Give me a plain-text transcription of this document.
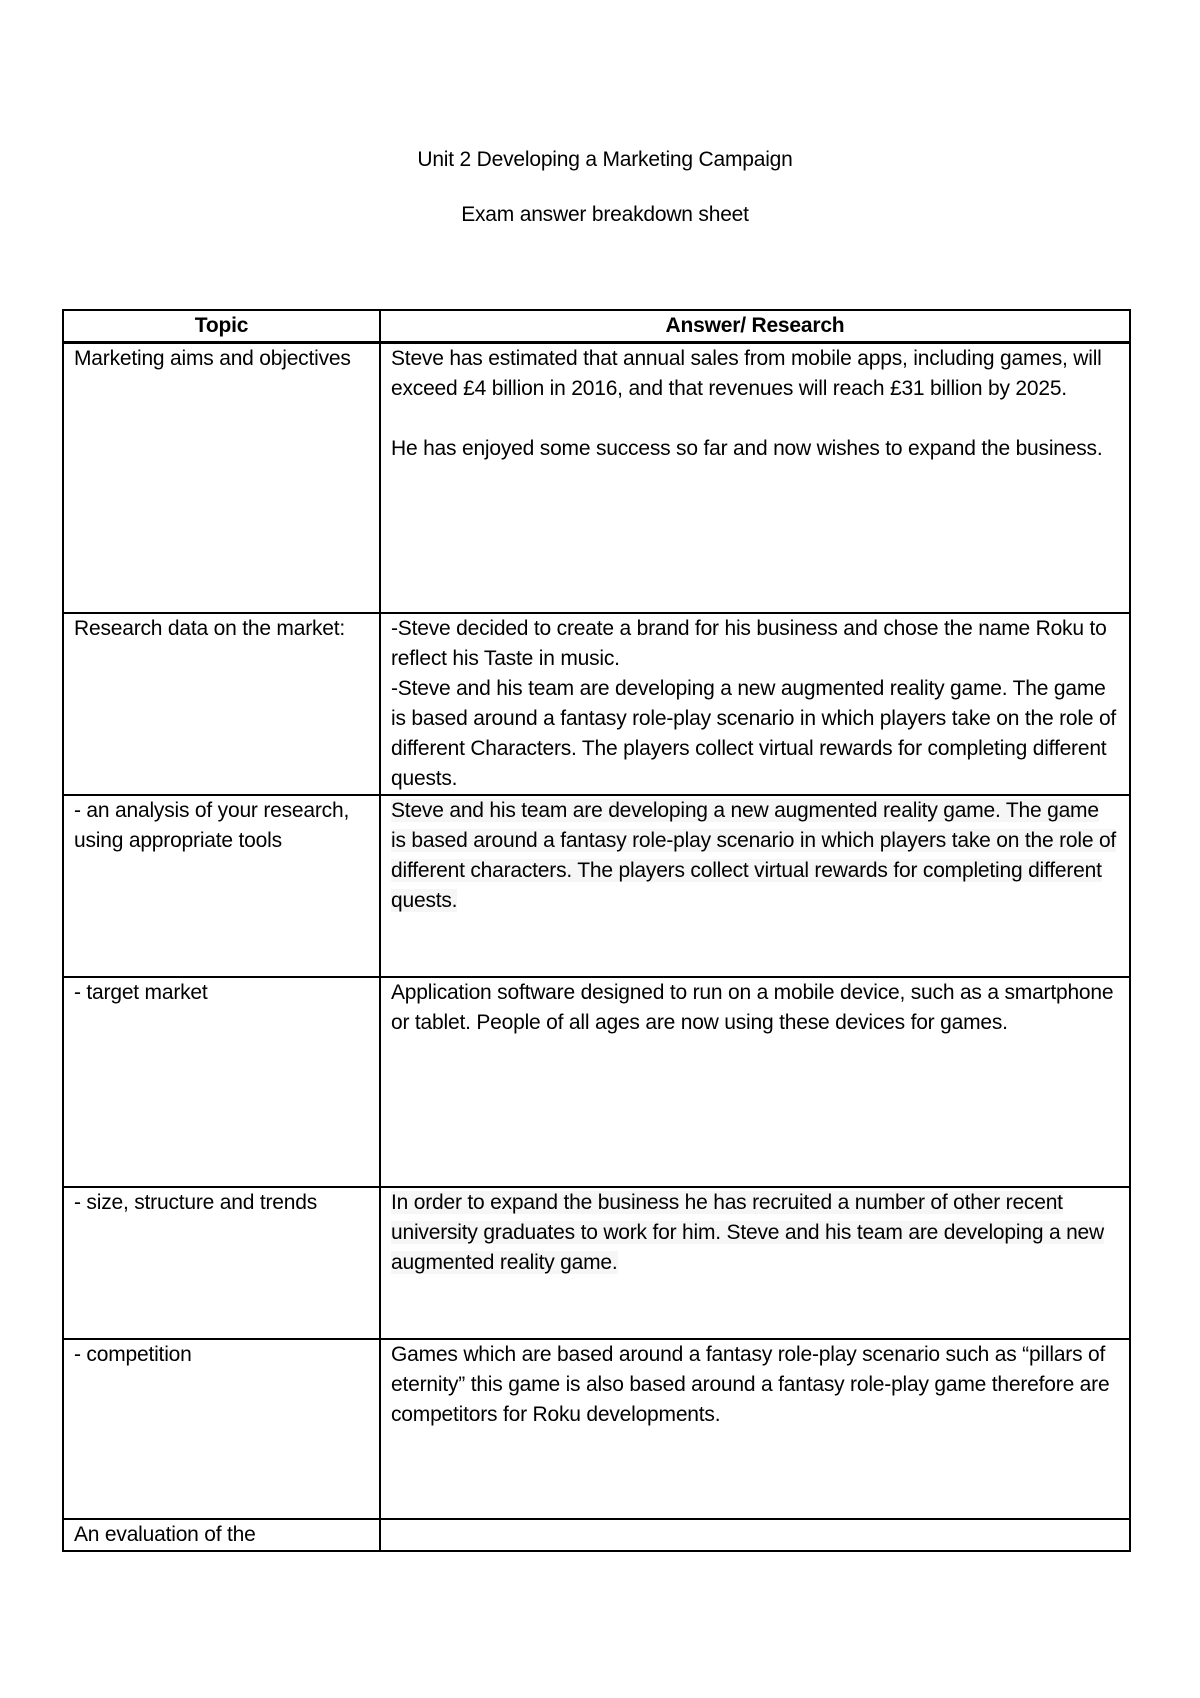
Unit 2 Developing a Marketing Campaign
Exam answer breakdown sheet
Topic	Answer/ Research
Marketing aims and objectives	Steve has estimated that annual sales from mobile apps, including games, will exceed £4 billion in 2016, and that revenues will reach £31 billion by 2025.
He has enjoyed some success so far and now wishes to expand the business.
Research data on the market:	-Steve decided to create a brand for his business and chose the name Roku to reflect his Taste in music.
-Steve and his team are developing a new augmented reality game. The game is based around a fantasy role-play scenario in which players take on the role of different Characters. The players collect virtual rewards for completing different quests.

- an analysis of your research, using appropriate tools	Steve and his team are developing a new augmented reality game. The game is based around a fantasy role-play scenario in which players take on the role of different characters. The players collect virtual rewards for completing different quests.
- target market	Application software designed to run on a mobile device, such as a smartphone or tablet. People of all ages are now using these devices for games.
- size, structure and trends	In order to expand the business he has recruited a number of other recent university graduates to work for him. Steve and his team are developing a new augmented reality game.
- competition	Games which are based around a fantasy role-play scenario such as “pillars of eternity” this game is also based around a fantasy role-play game therefore are competitors for Roku developments.
An evaluation of the	
